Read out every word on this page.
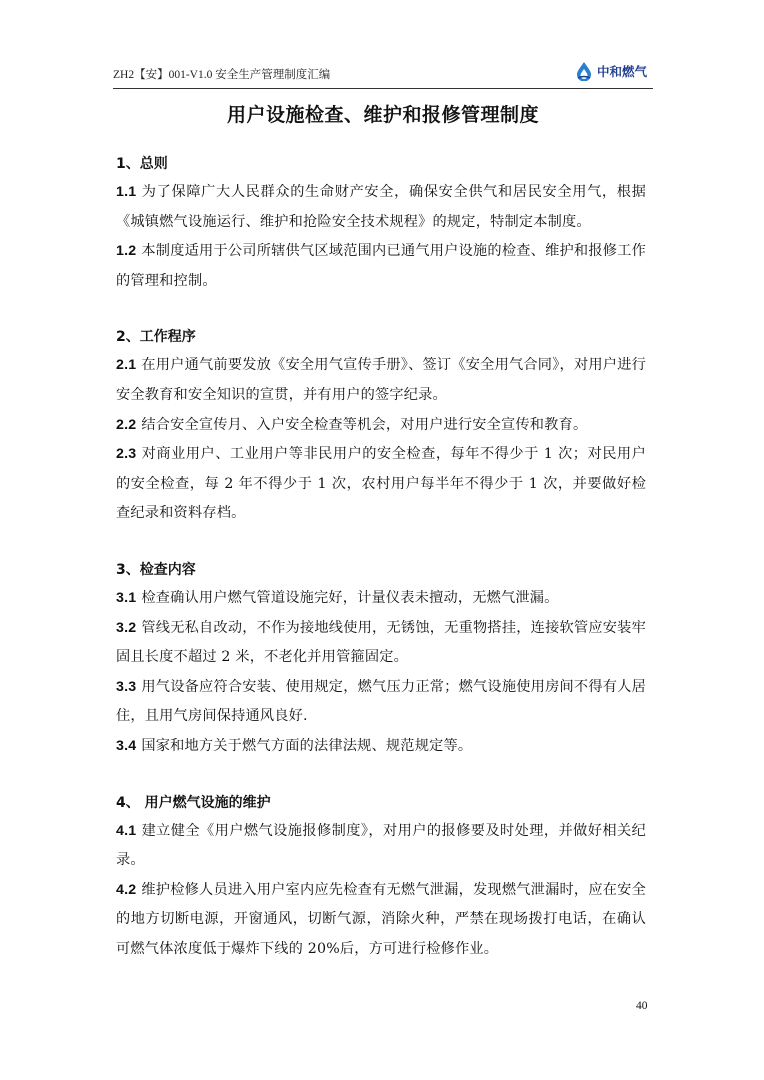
ZH2【安】001-V1.0 安全生产管理制度汇编	中和燃气
用户设施检查、维护和报修管理制度
1、总则
1.1 为了保障广大人民群众的生命财产安全，确保安全供气和居民安全用气，根据《城镇燃气设施运行、维护和抢险安全技术规程》的规定，特制定本制度。
1.2 本制度适用于公司所辖供气区域范围内已通气用户设施的检查、维护和报修工作的管理和控制。
2、工作程序
2.1 在用户通气前要发放《安全用气宣传手册》、签订《安全用气合同》，对用户进行安全教育和安全知识的宣贯，并有用户的签字纪录。
2.2 结合安全宣传月、入户安全检查等机会，对用户进行安全宣传和教育。
2.3 对商业用户、工业用户等非民用户的安全检查，每年不得少于 1 次；对民用户的安全检查，每 2 年不得少于 1 次，农村用户每半年不得少于 1 次，并要做好检查纪录和资料存档。
3、检查内容
3.1 检查确认用户燃气管道设施完好，计量仪表未擅动，无燃气泄漏。
3.2 管线无私自改动，不作为接地线使用，无锈蚀，无重物搭挂，连接软管应安装牢固且长度不超过 2 米，不老化并用管箍固定。
3.3 用气设备应符合安装、使用规定，燃气压力正常；燃气设施使用房间不得有人居住，且用气房间保持通风良好.
3.4 国家和地方关于燃气方面的法律法规、规范规定等。
4、 用户燃气设施的维护
4.1 建立健全《用户燃气设施报修制度》，对用户的报修要及时处理，并做好相关纪录。
4.2 维护检修人员进入用户室内应先检查有无燃气泄漏，发现燃气泄漏时，应在安全的地方切断电源，开窗通风，切断气源，消除火种，严禁在现场拨打电话，在确认可燃气体浓度低于爆炸下线的 20%后，方可进行检修作业。
40
